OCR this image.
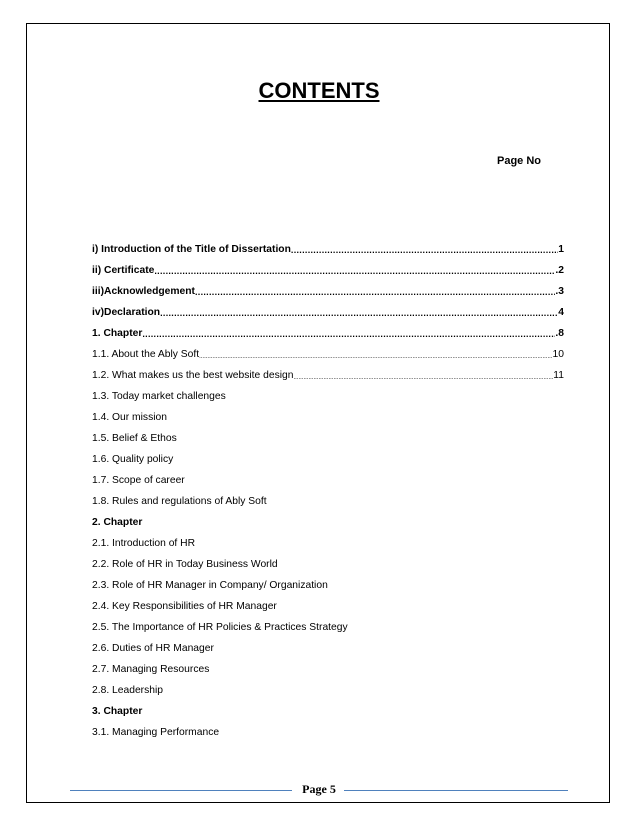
CONTENTS
Page No
i) Introduction of the Title of Dissertation .....	1
ii) Certificate .....	.2
iii)Acknowledgement .....	.3
iv)Declaration .....	4
1. Chapter .....	.8
1.1. About the Ably Soft .....	10
1.2. What makes us the best website design .....	11
1.3. Today market challenges
1.4. Our mission
1.5. Belief & Ethos
1.6. Quality policy
1.7. Scope of career
1.8. Rules and regulations of Ably Soft
2. Chapter
2.1. Introduction of HR
2.2. Role of HR in Today Business World
2.3. Role of HR Manager in Company/ Organization
2.4. Key Responsibilities of HR Manager
2.5. The Importance of HR Policies & Practices Strategy
2.6. Duties of HR Manager
2.7. Managing Resources
2.8. Leadership
3. Chapter
3.1. Managing Performance
Page 5
